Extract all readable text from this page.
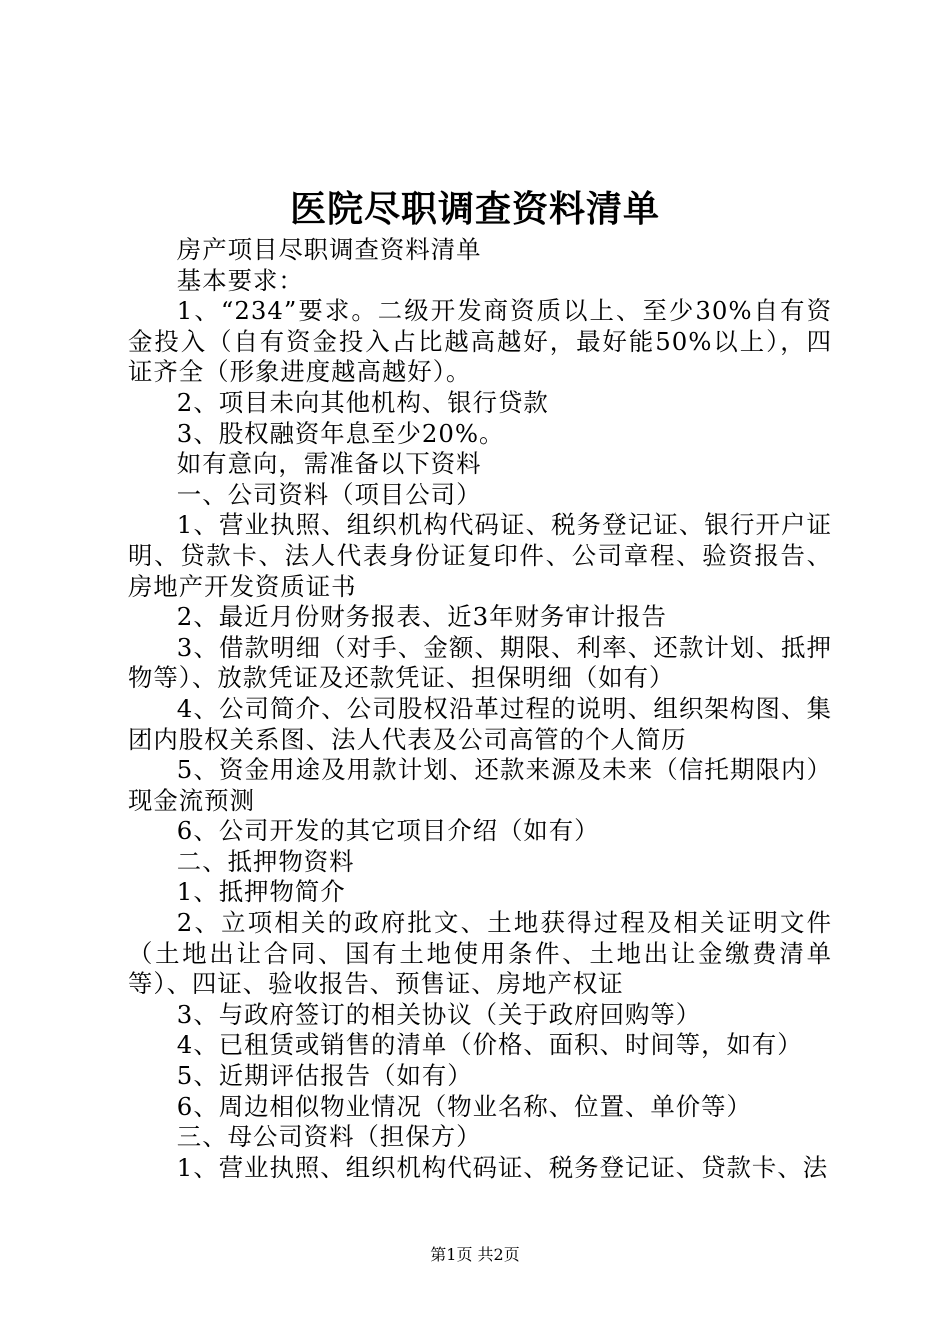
医院尽职调查资料清单

房产项目尽职调查资料清单

基本要求：

1、“234”要求。二级开发商资质以上、至少30%自有资金投入（自有资金投入占比越高越好，最好能50%以上），四证齐全（形象进度越高越好）。

2、项目未向其他机构、银行贷款

3、股权融资年息至少20%。

如有意向，需准备以下资料

一、公司资料（项目公司）

1、营业执照、组织机构代码证、税务登记证、银行开户证明、贷款卡、法人代表身份证复印件、公司章程、验资报告、房地产开发资质证书

2、最近月份财务报表、近3年财务审计报告

3、借款明细（对手、金额、期限、利率、还款计划、抵押物等）、放款凭证及还款凭证、担保明细（如有）

4、公司简介、公司股权沿革过程的说明、组织架构图、集团内股权关系图、法人代表及公司高管的个人简历

5、资金用途及用款计划、还款来源及未来（信托期限内）现金流预测

6、公司开发的其它项目介绍（如有）

二、抵押物资料

1、抵押物简介

2、立项相关的政府批文、土地获得过程及相关证明文件（土地出让合同、国有土地使用条件、土地出让金缴费清单等）、四证、验收报告、预售证、房地产权证

3、与政府签订的相关协议（关于政府回购等）

4、已租赁或销售的清单（价格、面积、时间等，如有）

5、近期评估报告（如有）

6、周边相似物业情况（物业名称、位置、单价等）

三、母公司资料（担保方）

1、营业执照、组织机构代码证、税务登记证、贷款卡、法

第1页 共2页
